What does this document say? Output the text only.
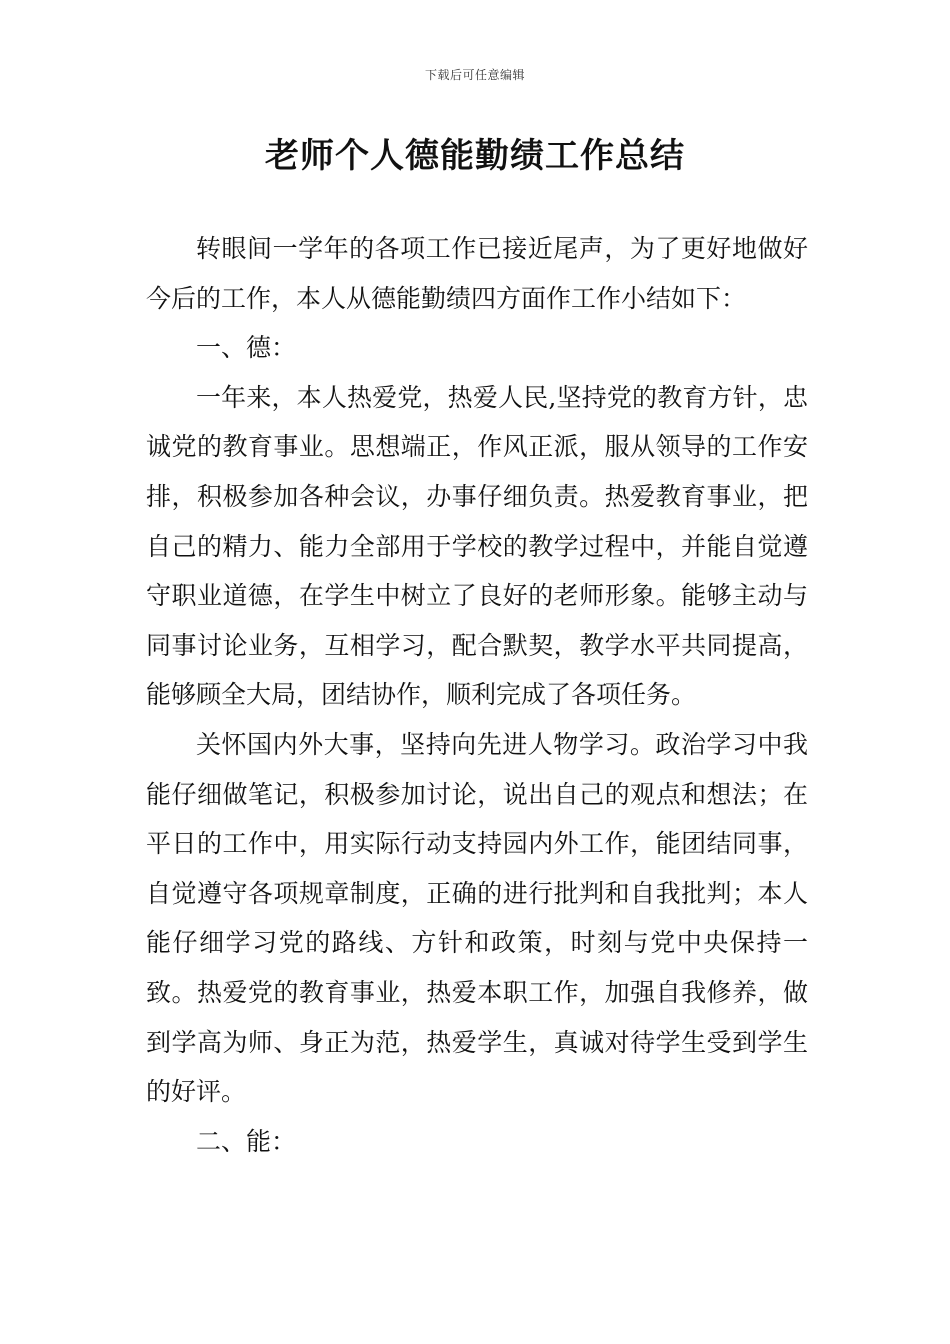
下载后可任意编辑
老师个人德能勤绩工作总结

转眼间一学年的各项工作已接近尾声，为了更好地做好今后的工作，本人从德能勤绩四方面作工作小结如下：

一、德：

一年来，本人热爱党，热爱人民,坚持党的教育方针，忠诚党的教育事业。思想端正，作风正派，服从领导的工作安排，积极参加各种会议，办事仔细负责。热爱教育事业，把自己的精力、能力全部用于学校的教学过程中，并能自觉遵守职业道德，在学生中树立了良好的老师形象。能够主动与同事讨论业务，互相学习，配合默契，教学水平共同提高，能够顾全大局，团结协作，顺利完成了各项任务。

关怀国内外大事，坚持向先进人物学习。政治学习中我能仔细做笔记，积极参加讨论，说出自己的观点和想法；在平日的工作中，用实际行动支持园内外工作，能团结同事，自觉遵守各项规章制度，正确的进行批判和自我批判；本人能仔细学习党的路线、方针和政策，时刻与党中央保持一致。热爱党的教育事业，热爱本职工作，加强自我修养，做到学高为师、身正为范，热爱学生，真诚对待学生受到学生的好评。

二、能：
